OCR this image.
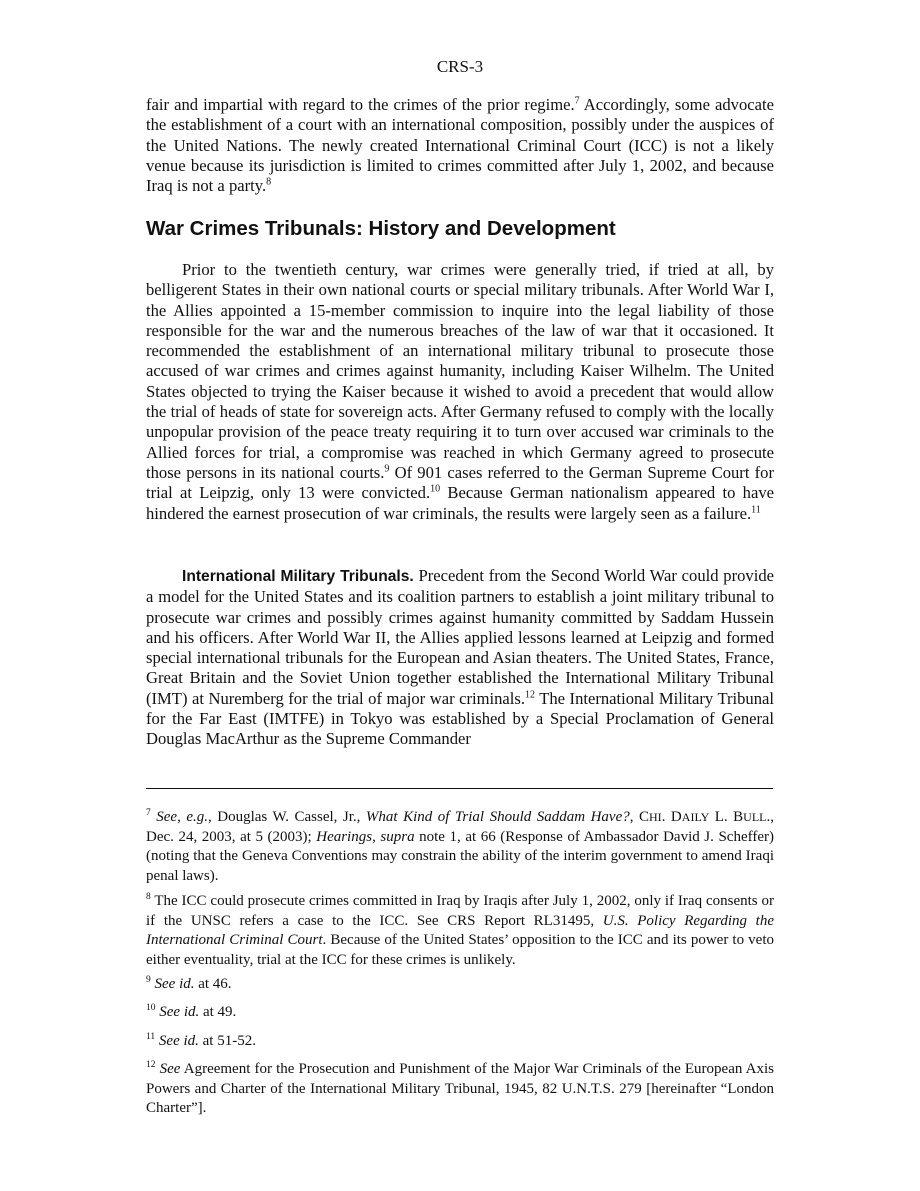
CRS-3

fair and impartial with regard to the crimes of the prior regime.$^7$ Accordingly, some advocate the establishment of a court with an international composition, possibly under the auspices of the United Nations. The newly created International Criminal Court (ICC) is not a likely venue because its jurisdiction is limited to crimes committed after July 1, 2002, and because Iraq is not a party.$^8$

War Crimes Tribunals: History and Development

Prior to the twentieth century, war crimes were generally tried, if tried at all, by belligerent States in their own national courts or special military tribunals. After World War I, the Allies appointed a 15-member commission to inquire into the legal liability of those responsible for the war and the numerous breaches of the law of war that it occasioned. It recommended the establishment of an international military tribunal to prosecute those accused of war crimes and crimes against humanity, including Kaiser Wilhelm. The United States objected to trying the Kaiser because it wished to avoid a precedent that would allow the trial of heads of state for sovereign acts. After Germany refused to comply with the locally unpopular provision of the peace treaty requiring it to turn over accused war criminals to the Allied forces for trial, a compromise was reached in which Germany agreed to prosecute those persons in its national courts.$^9$ Of 901 cases referred to the German Supreme Court for trial at Leipzig, only 13 were convicted.$^{10}$ Because German nationalism appeared to have hindered the earnest prosecution of war criminals, the results were largely seen as a failure.$^{11}$

International Military Tribunals. Precedent from the Second World War could provide a model for the United States and its coalition partners to establish a joint military tribunal to prosecute war crimes and possibly crimes against humanity committed by Saddam Hussein and his officers. After World War II, the Allies applied lessons learned at Leipzig and formed special international tribunals for the European and Asian theaters. The United States, France, Great Britain and the Soviet Union together established the International Military Tribunal (IMT) at Nuremberg for the trial of major war criminals.$^{12}$ The International Military Tribunal for the Far East (IMTFE) in Tokyo was established by a Special Proclamation of General Douglas MacArthur as the Supreme Commander

$^7$ See, e.g., Douglas W. Cassel, Jr., What Kind of Trial Should Saddam Have?, CHI. DAILY L. BULL., Dec. 24, 2003, at 5 (2003); Hearings, supra note 1, at 66 (Response of Ambassador David J. Scheffer)(noting that the Geneva Conventions may constrain the ability of the interim government to amend Iraqi penal laws).

$^8$ The ICC could prosecute crimes committed in Iraq by Iraqis after July 1, 2002, only if Iraq consents or if the UNSC refers a case to the ICC. See CRS Report RL31495, U.S. Policy Regarding the International Criminal Court. Because of the United States’ opposition to the ICC and its power to veto either eventuality, trial at the ICC for these crimes is unlikely.

$^9$ See id. at 46.

$^{10}$ See id. at 49.

$^{11}$ See id. at 51-52.

$^{12}$ See Agreement for the Prosecution and Punishment of the Major War Criminals of the European Axis Powers and Charter of the International Military Tribunal, 1945, 82 U.N.T.S. 279 [hereinafter “London Charter”].
